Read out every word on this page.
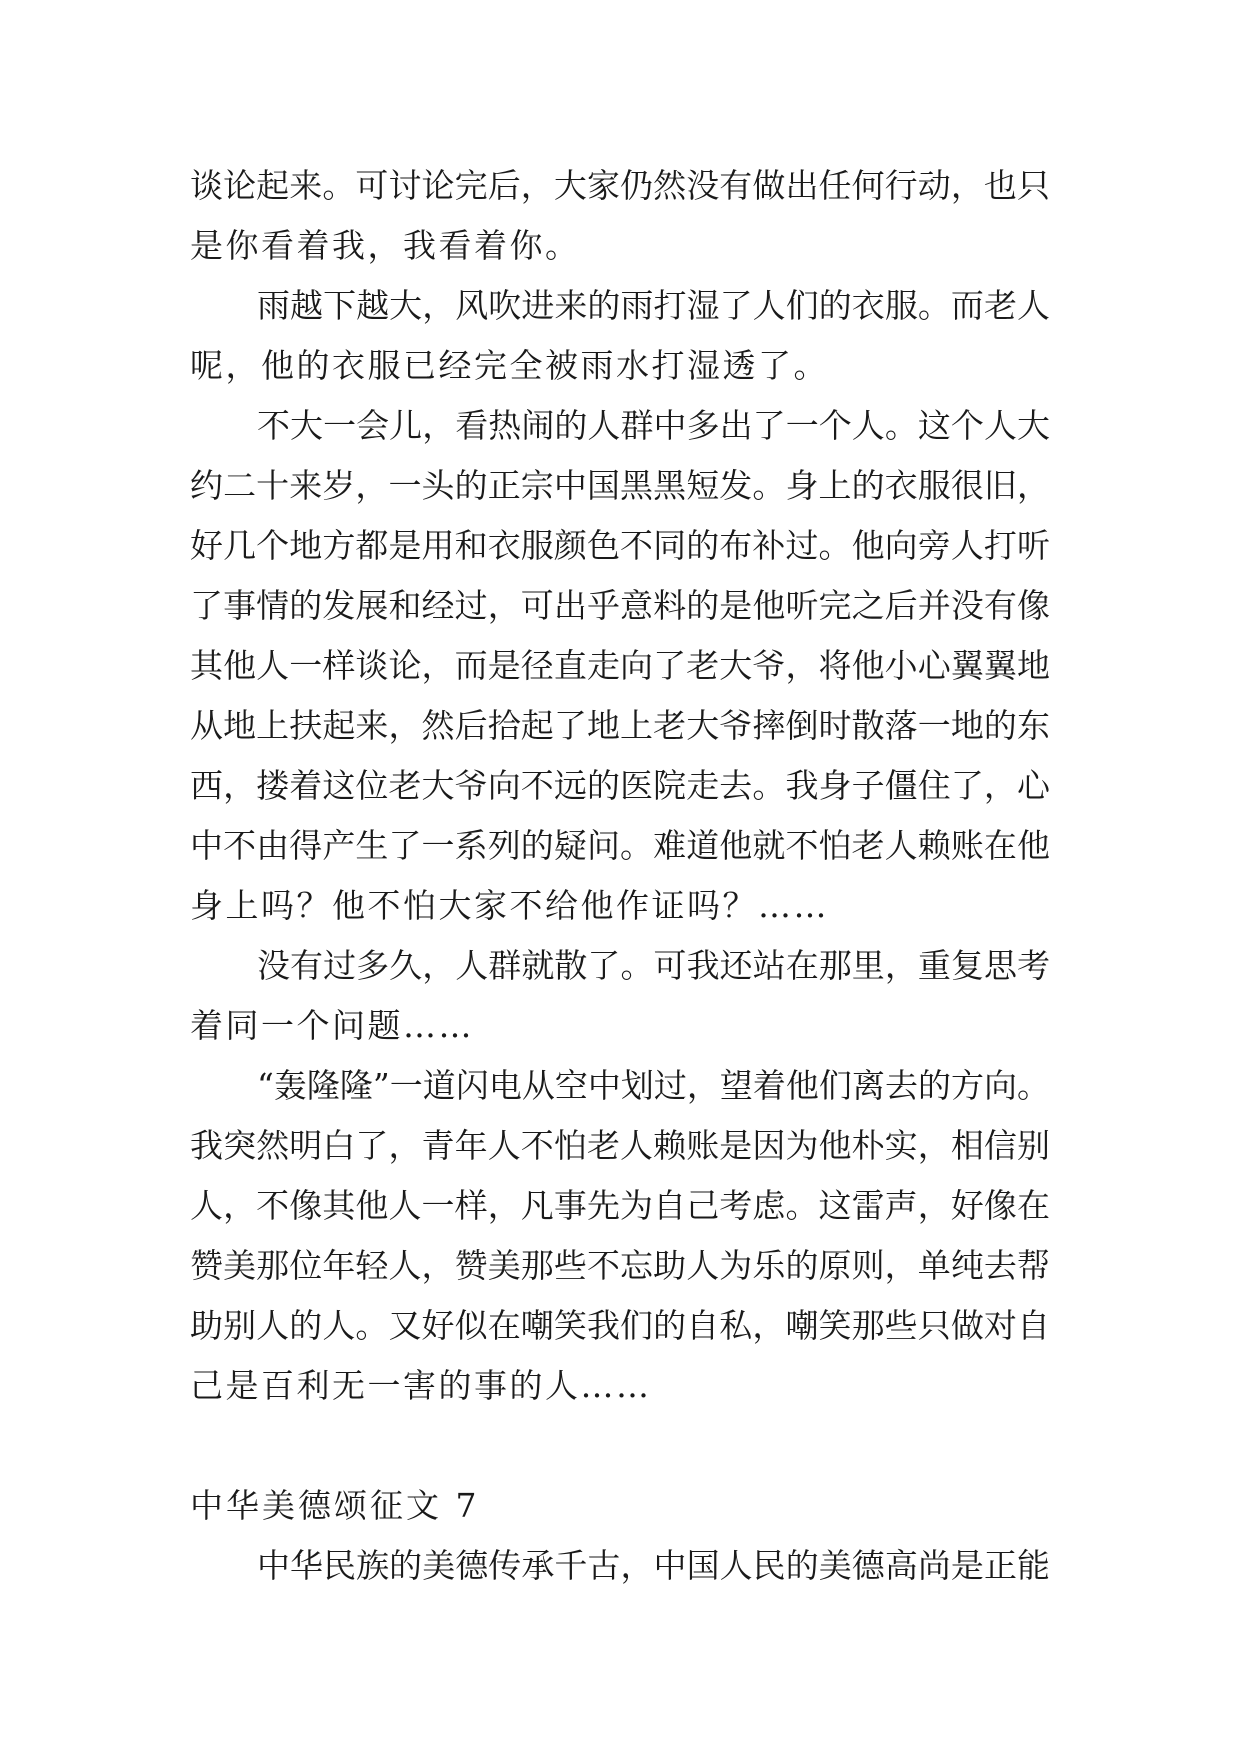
谈论起来。可讨论完后，大家仍然没有做出任何行动，也只
是你看着我，我看着你。
雨越下越大，风吹进来的雨打湿了人们的衣服。而老人
呢，他的衣服已经完全被雨水打湿透了。
不大一会儿，看热闹的人群中多出了一个人。这个人大
约二十来岁，一头的正宗中国黑黑短发。身上的衣服很旧，
好几个地方都是用和衣服颜色不同的布补过。他向旁人打听
了事情的发展和经过，可出乎意料的是他听完之后并没有像
其他人一样谈论，而是径直走向了老大爷，将他小心翼翼地
从地上扶起来，然后拾起了地上老大爷摔倒时散落一地的东
西，搂着这位老大爷向不远的医院走去。我身子僵住了，心
中不由得产生了一系列的疑问。难道他就不怕老人赖账在他
身上吗？他不怕大家不给他作证吗？……
没有过多久，人群就散了。可我还站在那里，重复思考
着同一个问题……
“轰隆隆”一道闪电从空中划过，望着他们离去的方向。
我突然明白了，青年人不怕老人赖账是因为他朴实，相信别
人，不像其他人一样，凡事先为自己考虑。这雷声，好像在
赞美那位年轻人，赞美那些不忘助人为乐的原则，单纯去帮
助别人的人。又好似在嘲笑我们的自私，嘲笑那些只做对自
己是百利无一害的事的人……
中华美德颂征文 7
中华民族的美德传承千古，中国人民的美德高尚是正能
